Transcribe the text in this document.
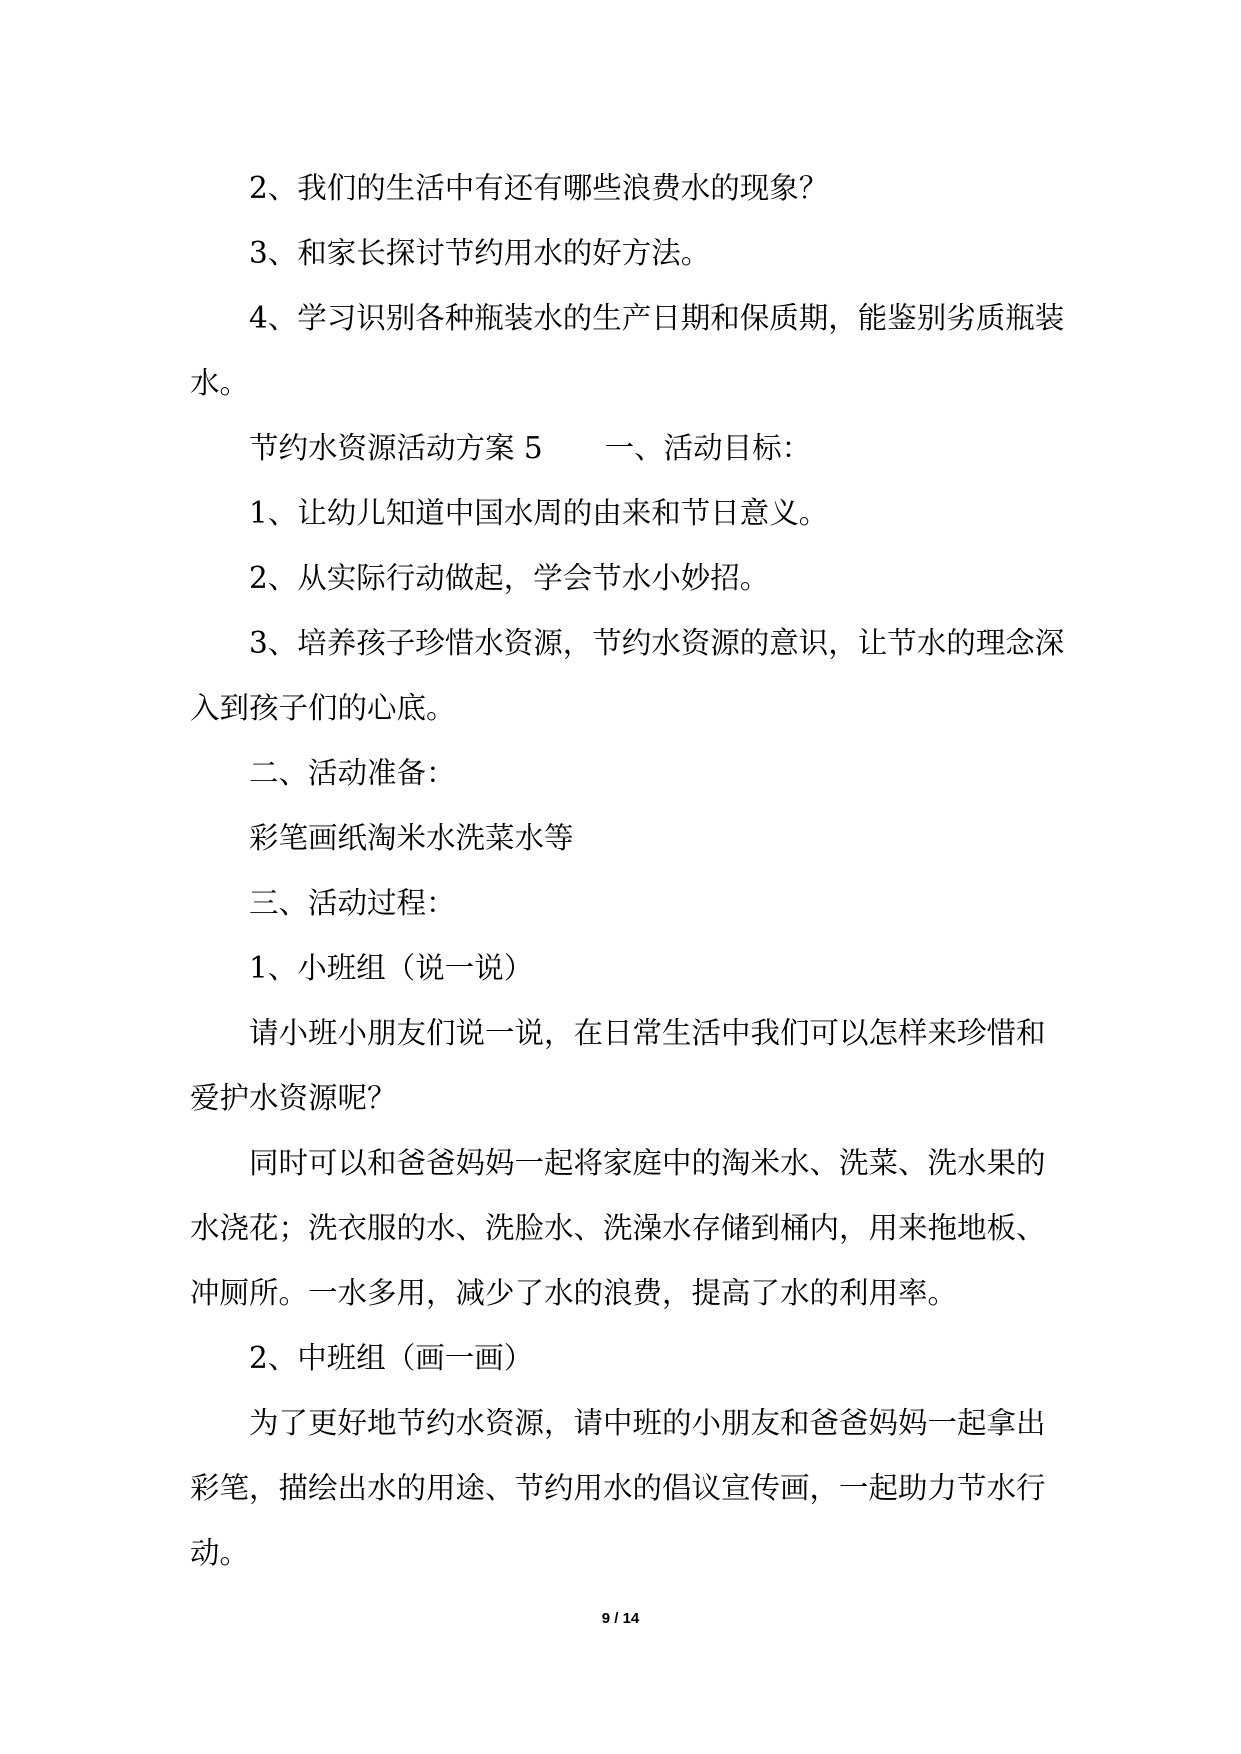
2、我们的生活中有还有哪些浪费水的现象？

3、和家长探讨节约用水的好方法。

4、学习识别各种瓶装水的生产日期和保质期，能鉴别劣质瓶装水。

节约水资源活动方案 5 一、活动目标：

1、让幼儿知道中国水周的由来和节日意义。

2、从实际行动做起，学会节水小妙招。

3、培养孩子珍惜水资源，节约水资源的意识，让节水的理念深入到孩子们的心底。

二、活动准备：

彩笔画纸淘米水洗菜水等

三、活动过程：

1、小班组（说一说）

请小班小朋友们说一说，在日常生活中我们可以怎样来珍惜和爱护水资源呢？

同时可以和爸爸妈妈一起将家庭中的淘米水、洗菜、洗水果的水浇花；洗衣服的水、洗脸水、洗澡水存储到桶内，用来拖地板、冲厕所。一水多用，减少了水的浪费，提高了水的利用率。

2、中班组（画一画）

为了更好地节约水资源，请中班的小朋友和爸爸妈妈一起拿出彩笔，描绘出水的用途、节约用水的倡议宣传画，一起助力节水行动。

9 / 14
